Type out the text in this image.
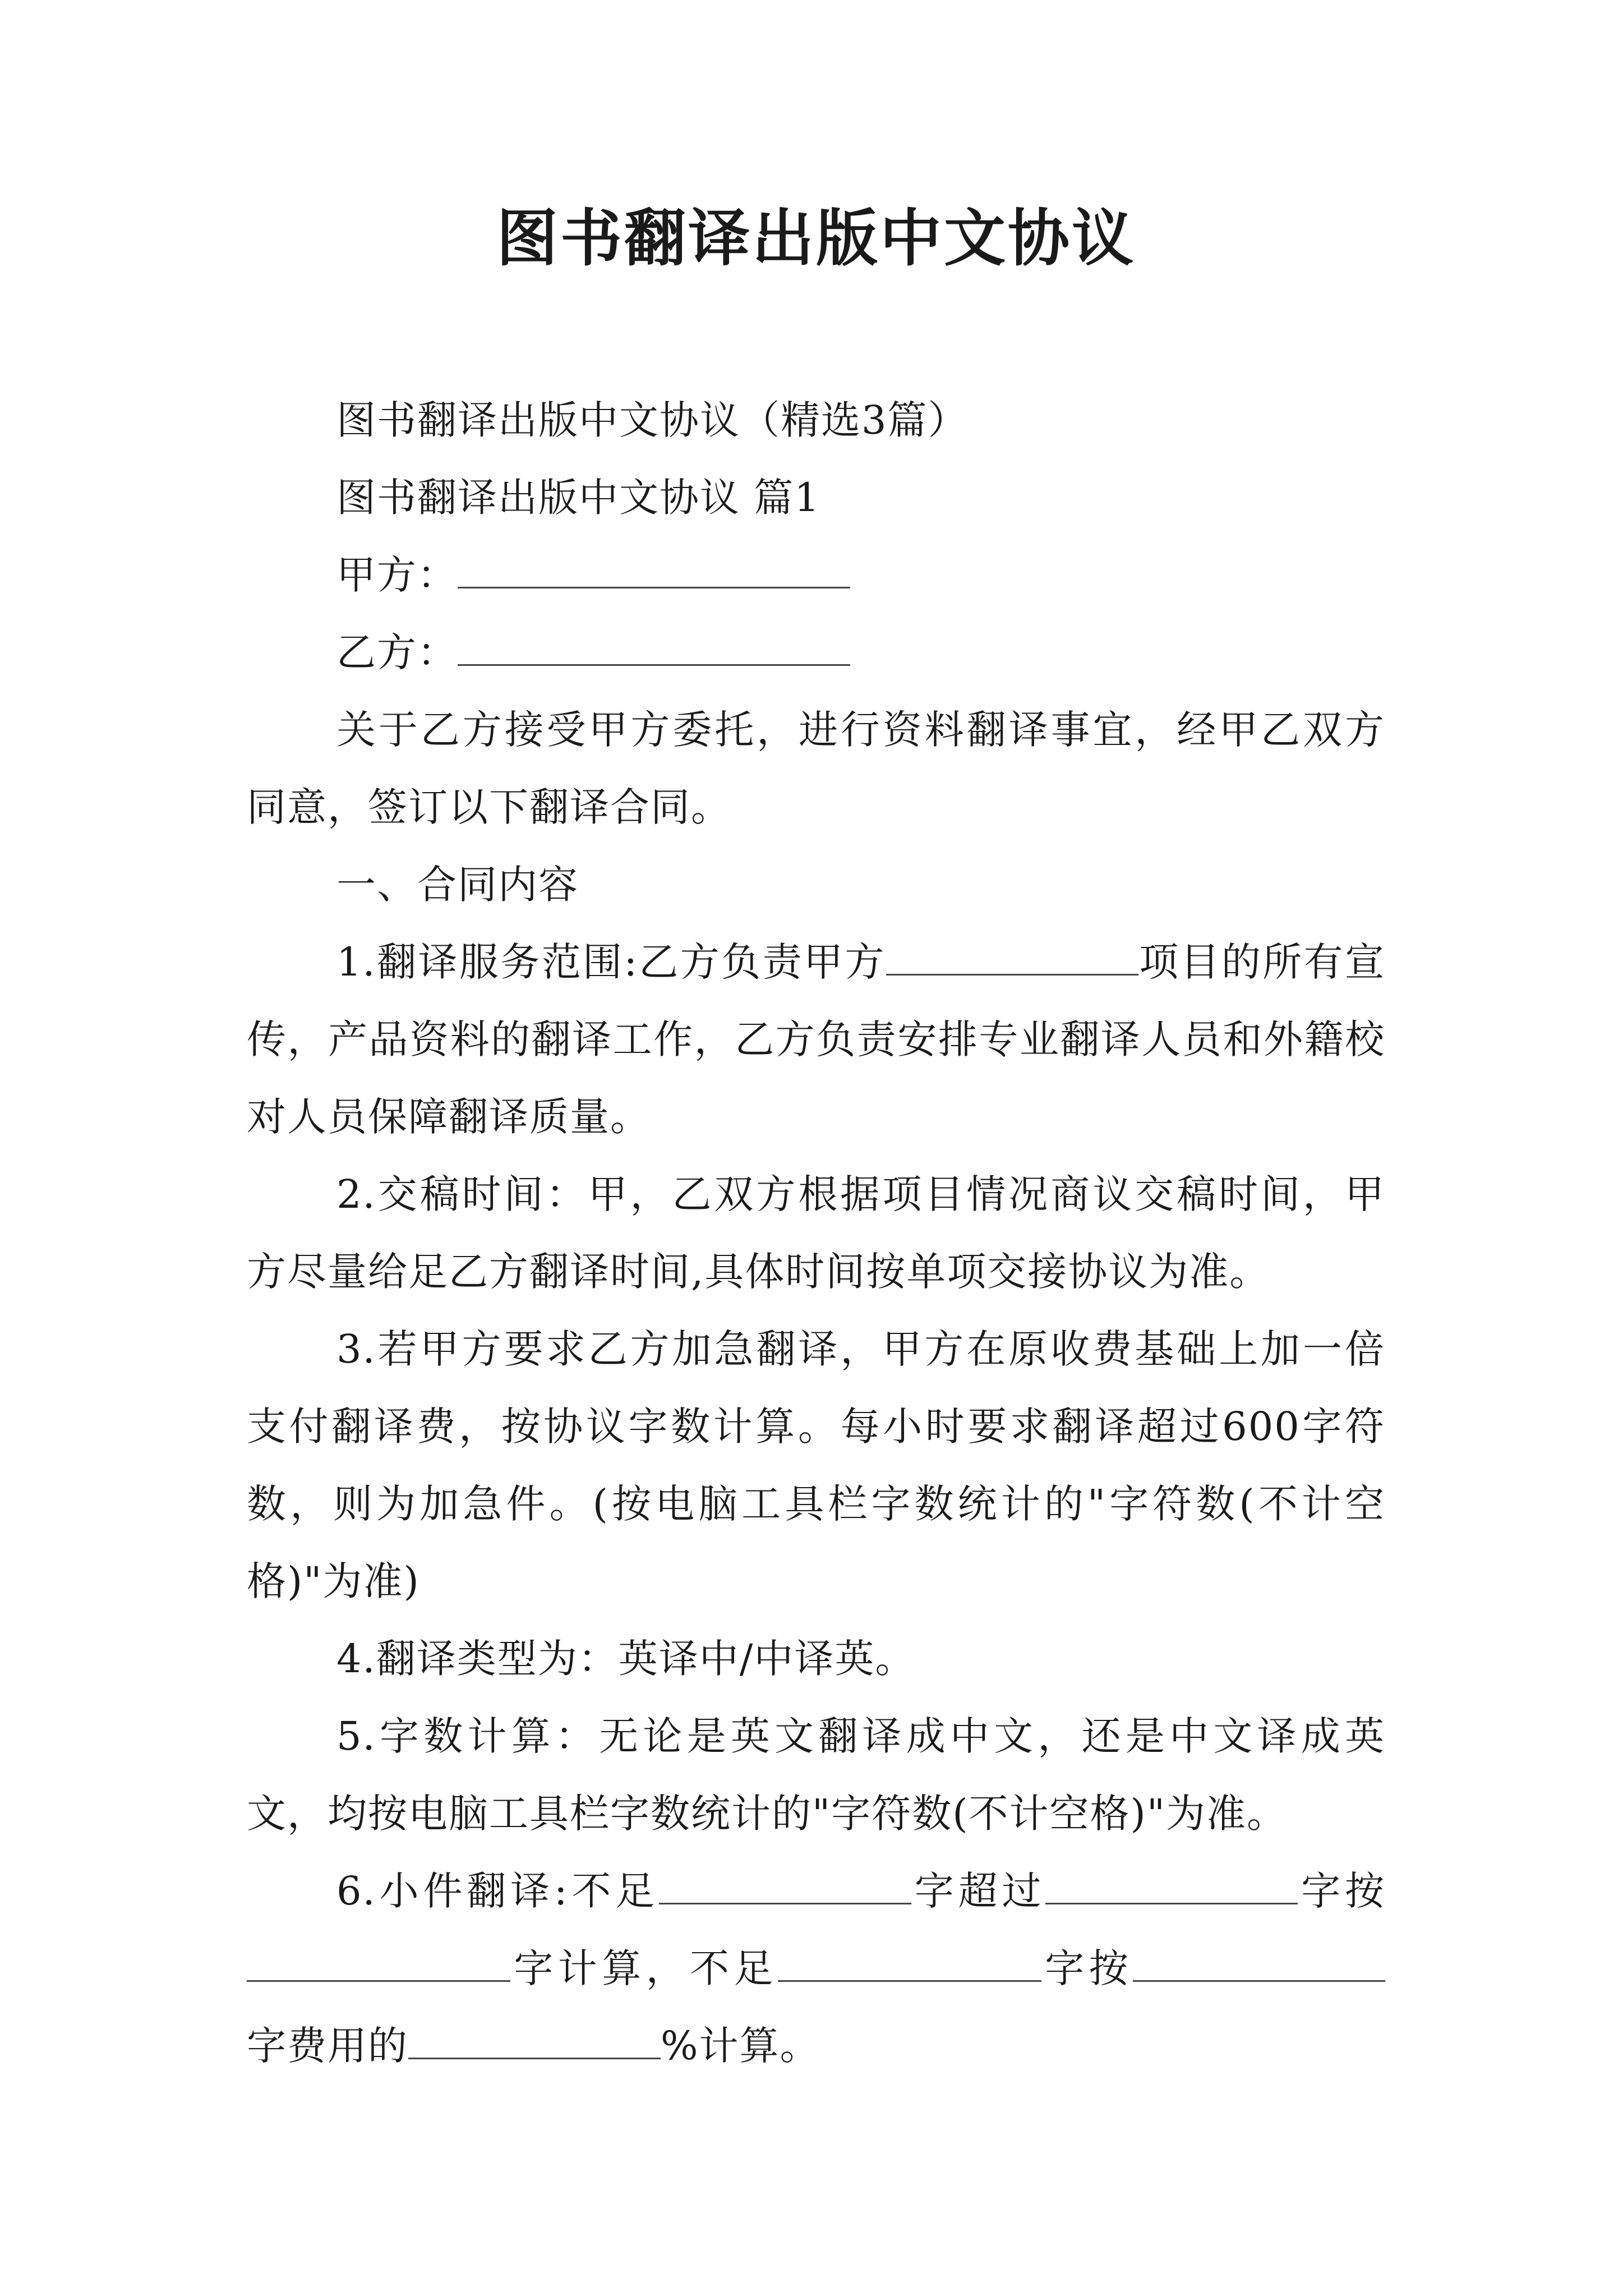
图书翻译出版中文协议

图书翻译出版中文协议（精选3篇）

图书翻译出版中文协议 篇1

甲方：

乙方：

关于乙方接受甲方委托，进行资料翻译事宜，经甲乙双方同意，签订以下翻译合同。

一、合同内容

1.翻译服务范围:乙方负责甲方	项目的所有宣传，产品资料的翻译工作，乙方负责安排专业翻译人员和外籍校对人员保障翻译质量。

2.交稿时间：甲，乙双方根据项目情况商议交稿时间，甲方尽量给足乙方翻译时间,具体时间按单项交接协议为准。

3.若甲方要求乙方加急翻译，甲方在原收费基础上加一倍支付翻译费，按协议字数计算。每小时要求翻译超过600字符数，则为加急件。(按电脑工具栏字数统计的"字符数(不计空格)"为准)

4.翻译类型为：英译中/中译英。

5.字数计算：无论是英文翻译成中文，还是中文译成英文，均按电脑工具栏字数统计的"字符数(不计空格)"为准。

6.小件翻译:不足	字超过	字按字计算，不足	字按字费用的	%计算。
